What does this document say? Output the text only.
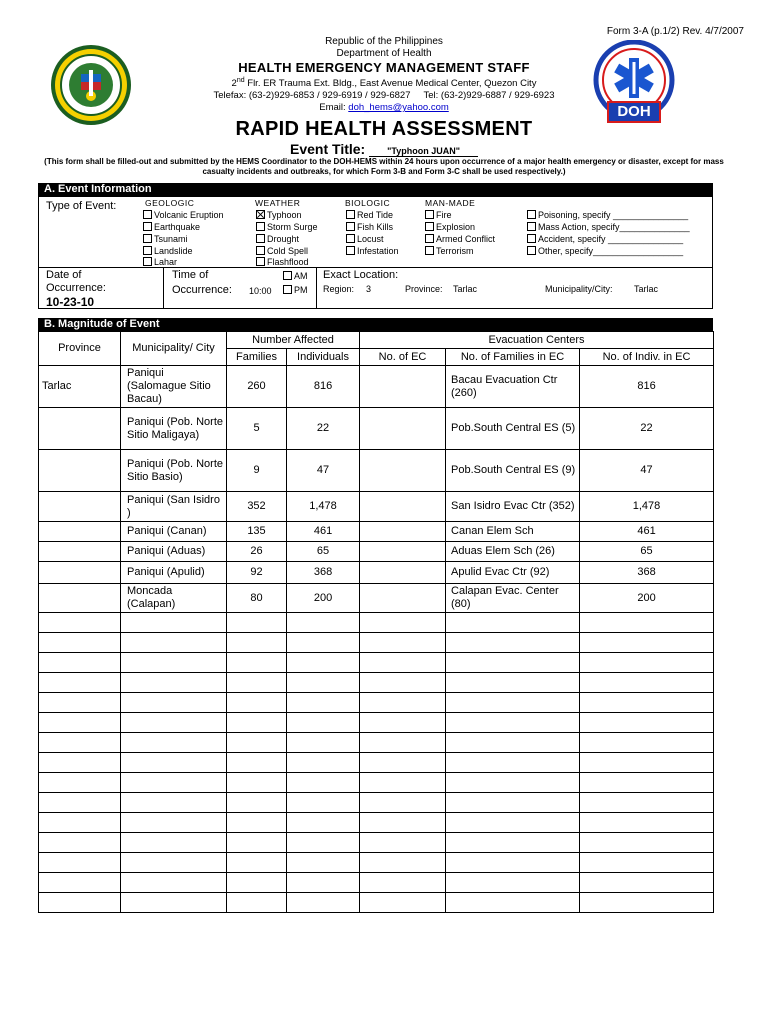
Form 3-A (p.1/2) Rev. 4/7/2007
DOH
Republic of the Philippines
Department of Health
HEALTH EMERGENCY MANAGEMENT STAFF
2nd Flr. ER Trauma Ext. Bldg., East Avenue Medical Center, Quezon City
Telefax: (63-2)929-6853 / 929-6919 / 929-6827     Tel: (63-2)929-6887 / 929-6923
Email: doh_hems@yahoo.com
RAPID HEALTH ASSESSMENT
Event Title: "Typhoon JUAN"
(This form shall be filled-out and submitted by the HEMS Coordinator to the DOH-HEMS within 24 hours upon occurrence of a major health emergency or disaster, except for mass casualty incidents and outbreaks, for which Form 3-B and Form 3-C shall be used respectively.)
A. Event Information
Type of Event:	GEOLOGIC	WEATHER	BIOLOGIC	MAN-MADE
Volcanic Eruption
Earthquake
Tsunami
Landslide
Lahar
Typhoon
Storm Surge
Drought
Cold Spell
Flashflood
Red Tide
Fish Kills
Locust
Infestation
Fire
Explosion
Armed Conflict
Terrorism
Poisoning, specify _______________
Mass Action, specify______________
Accident, specify _______________
Other, specify__________________
Date of
Occurrence:
10-23-10
Time of
Occurrence: 10:00
AM
PM
Exact Location:
Region: 3	Province: Tarlac	Municipality/City: Tarlac
B. Magnitude of Event
Province	Municipality/ City	Number Affected		Evacuation Centers		
		Families	Individuals	No. of EC	No. of Families in EC	No. of Indiv. in EC
Tarlac	Paniqui (Salomague Sitio Bacau)	260	816		Bacau Evacuation Ctr (260)	816
	Paniqui (Pob. Norte Sitio Maligaya)	5	22		Pob.South Central ES (5)	22
	Paniqui (Pob. Norte Sitio Basio)	9	47		Pob.South Central ES (9)	47
	Paniqui (San Isidro )	352	1,478		San Isidro Evac Ctr (352)	1,478
	Paniqui (Canan)	135	461		Canan Elem Sch	461
	Paniqui (Aduas)	26	65		Aduas Elem Sch (26)	65
	Paniqui (Apulid)	92	368		Apulid Evac Ctr (92)	368
	Moncada (Calapan)	80	200		Calapan Evac. Center (80)	200
